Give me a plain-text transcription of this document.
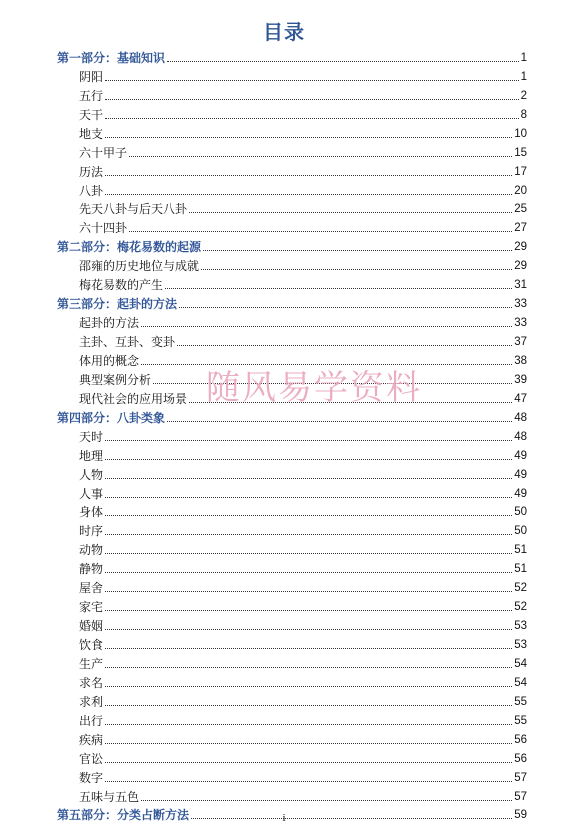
目录
第一部分：基础知识	1
阴阳	1
五行	2
天干	8
地支	10
六十甲子	15
历法	17
八卦	20
先天八卦与后天八卦	25
六十四卦	27
第二部分：梅花易数的起源	29
邵雍的历史地位与成就	29
梅花易数的产生	31
第三部分：起卦的方法	33
起卦的方法	33
主卦、互卦、变卦	37
体用的概念	38
典型案例分析	39
现代社会的应用场景	47
第四部分：八卦类象	48
天时	48
地理	49
人物	49
人事	49
身体	50
时序	50
动物	51
静物	51
屋舍	52
家宅	52
婚姻	53
饮食	53
生产	54
求名	54
求利	55
出行	55
疾病	56
官讼	56
数字	57
五味与五色	57
第五部分：分类占断方法	59
随风易学资料
i
